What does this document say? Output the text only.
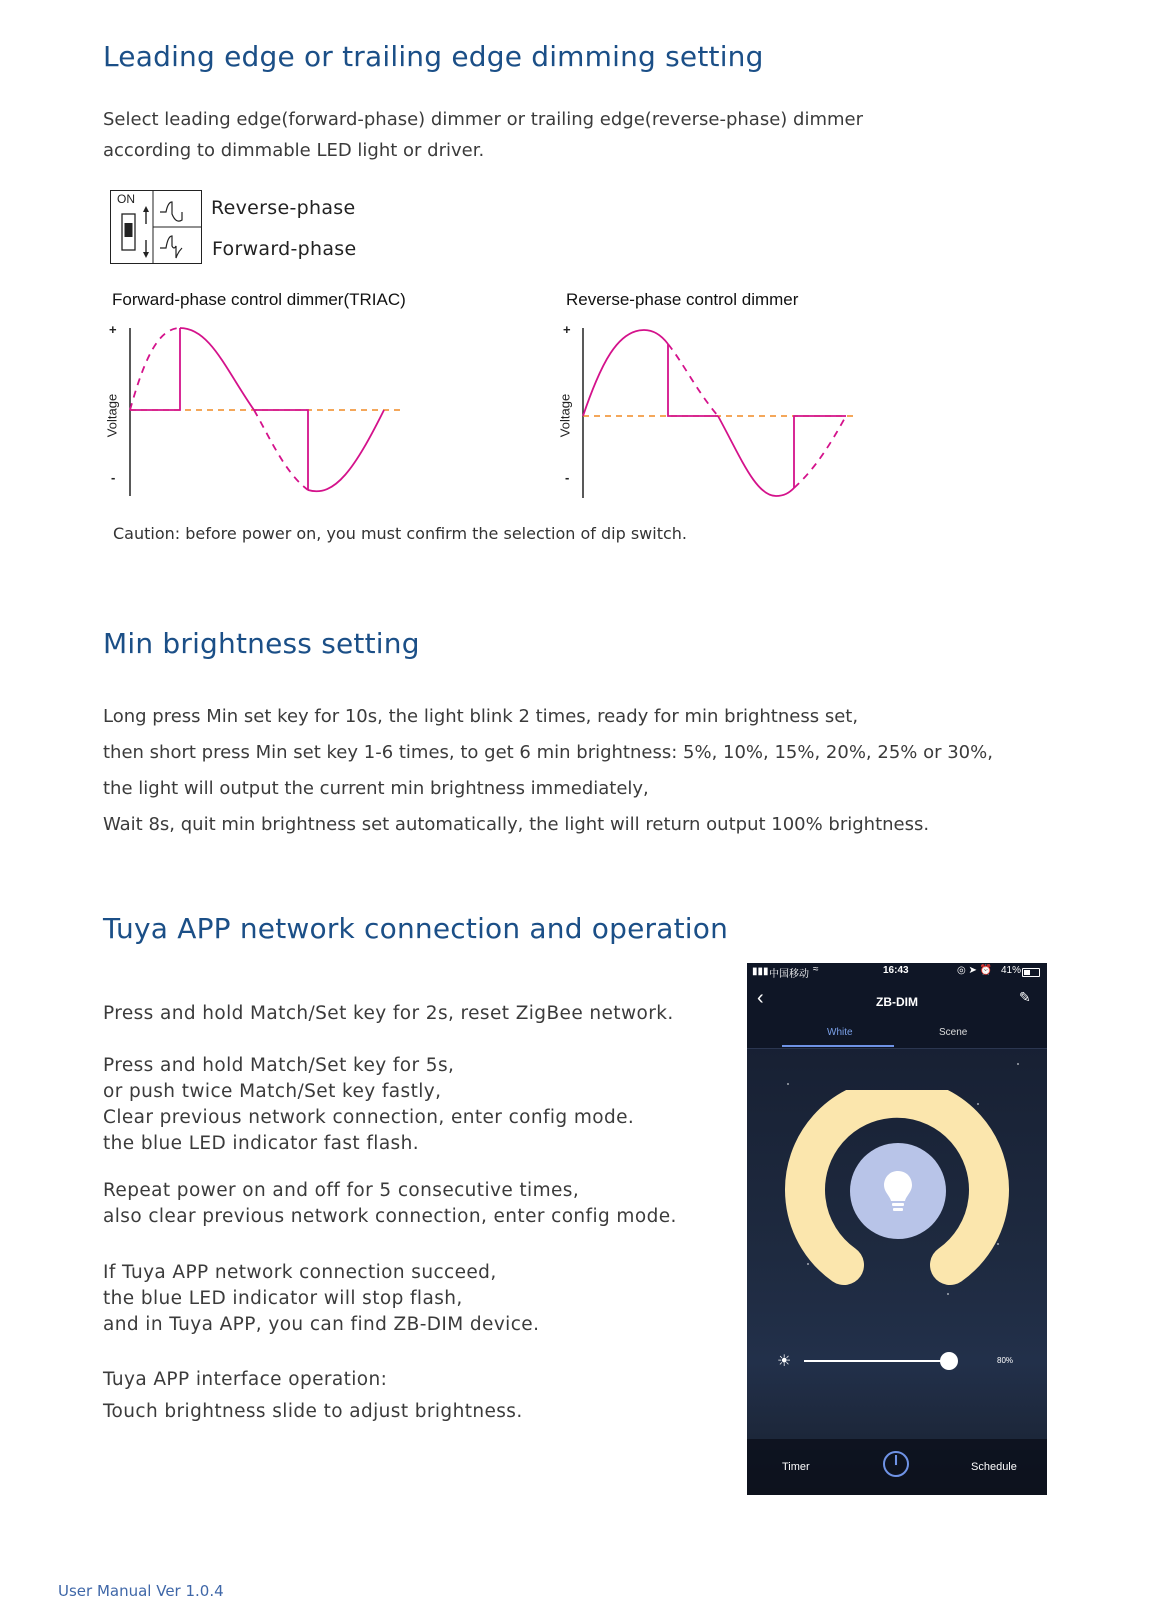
Leading edge or trailing edge dimming setting
Select leading edge(forward-phase) dimmer or trailing edge(reverse-phase) dimmer
according to dimmable LED light or driver.
ON	Reverse-phase
Forward-phase
Forward-phase control dimmer(TRIAC)	Reverse-phase control dimmer
+
-
Voltage
+
-
Voltage
Caution: before power on, you must confirm the selection of dip switch.
Min brightness setting
Long press Min set key for 10s, the light blink 2 times, ready for min brightness set,
then short press Min set key 1-6 times, to get 6 min brightness: 5%, 10%, 15%, 20%, 25% or 30%,
the light will output the current min brightness immediately,
Wait 8s, quit min brightness set automatically, the light will return output 100% brightness.
Tuya APP network connection and operation
Press and hold Match/Set key for 2s, reset ZigBee network.
Press and hold Match/Set key for 5s,
or push twice Match/Set key fastly,
Clear previous network connection, enter config mode.
the blue LED indicator fast flash.
Repeat power on and off for 5 consecutive times,
also clear previous network connection, enter config mode.
If Tuya APP network connection succeed,
the blue LED indicator will stop flash,
and in Tuya APP, you can find ZB-DIM device.
Tuya APP interface operation:
Touch brightness slide to adjust brightness.
▮▮▮ 中国移动 ≈	16:43	◎ ➤ ⏰ 41%
‹	ZB-DIM	✎
White	Scene
☀	80%
Timer	Schedule
User Manual Ver 1.0.4
